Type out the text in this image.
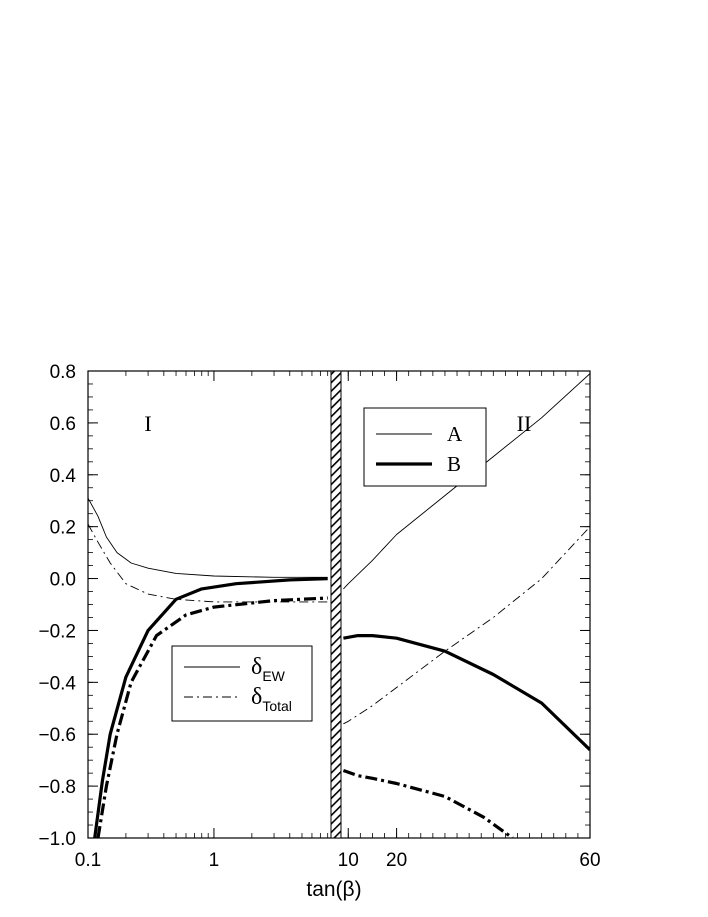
0.8
0.6
0.4
0.2
0.0
−0.2
−0.4
−0.6
−0.8
−1.0
0.1	1	10 20	60
tan(β)
I	II
A
B
$\delta_{EW}$
$\delta_{Total}$
